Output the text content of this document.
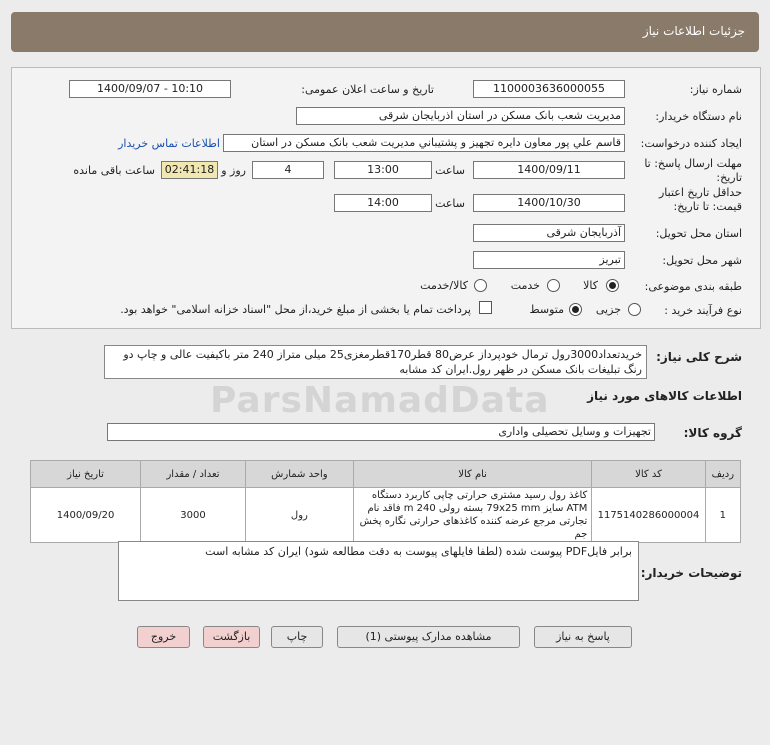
جزئیات اطلاعات نیاز
شماره نیاز:
1100003636000055
تاریخ و ساعت اعلان عمومی:
1400/09/07 - 10:10
نام دستگاه خریدار:
مدیریت شعب بانک مسکن در استان اذربایجان شرقی
ایجاد کننده درخواست:
قاسم علي پور معاون دايره تجهيز و پشتيباني مديريت شعب بانک مسکن در استان
اطلاعات تماس خریدار
مهلت ارسال پاسخ: تا تاریخ:
1400/09/11
ساعت
13:00
4
روز و
02:41:18
ساعت باقی مانده
حداقل تاریخ اعتبار قیمت: تا تاریخ:
1400/10/30
ساعت
14:00
استان محل تحویل:
آذربایجان شرقی
شهر محل تحویل:
تبریز
طبقه بندی موضوعی:
کالا
خدمت
کالا/خدمت
نوع فرآیند خرید :
جزیی
متوسط
پرداخت تمام یا بخشی از مبلغ خرید،از محل "اسناد خزانه اسلامی" خواهد بود.
شرح کلی نیاز:
خریدتعداد3000رول ترمال خودپرداز عرض80 قطر170قطرمغزی25 میلی متراز 240 متر باکیفیت عالی و چاپ دو رنگ تبلیغات بانک مسکن در ظهر رول.ایران کد مشابه
ParsNamadData	اطلاعات کالاهای مورد نیاز
گروه کالا:
تجهیزات و وسایل تحصیلی واداری
تاریخ نیاز	تعداد / مقدار	واحد شمارش	نام کالا	کد کالا	ردیف
1400/09/20	3000	رول	کاغذ رول رسید مشتری حرارتی چاپی کاربرد دستگاه ATM سایز 79x25 mm بسته رولی 240 m فاقد نام تجارتی مرجع عرضه کننده کاغذهای حرارتی نگاره پخش جم	1175140286000004	1
توضیحات خریدار:
برابر فایلPDF پیوست شده (لطفا فایلهای پیوست به دقت مطالعه شود) ایران کد مشابه است
پاسخ به نیاز
مشاهده مدارک پیوستی (1)
چاپ
بازگشت
خروج
